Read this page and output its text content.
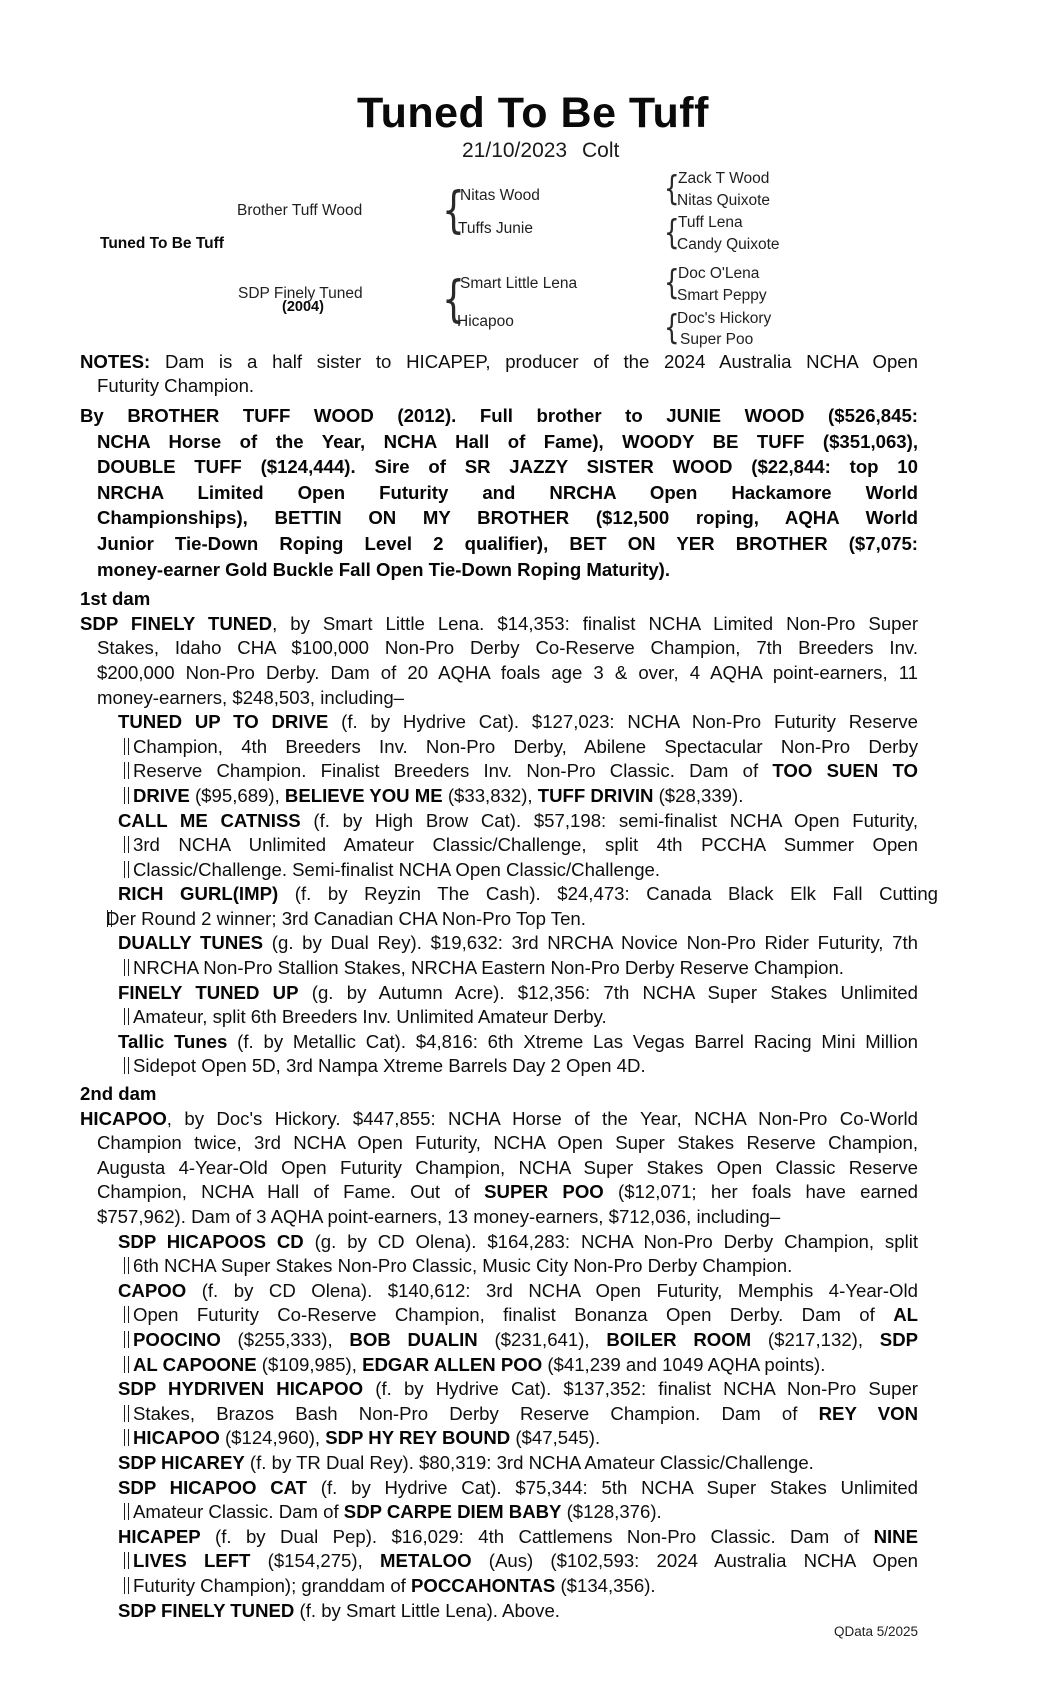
Tuned To Be Tuff
21/10/2023 Colt
Tuned To Be Tuff
Brother Tuff Wood
SDP Finely Tuned
(2004)
{
Nitas Wood
Tuffs Junie
{
Smart Little Lena
Hicapoo
{
Zack T Wood
Nitas Quixote
{
Tuff Lena
Candy Quixote
{
Doc O'Lena
Smart Peppy
{
Doc's Hickory
Super Poo
NOTES: Dam is a half sister to HICAPEP, producer of the 2024 Australia NCHA Open
Futurity Champion.
By BROTHER TUFF WOOD (2012). Full brother to JUNIE WOOD ($526,845:
NCHA Horse of the Year, NCHA Hall of Fame), WOODY BE TUFF ($351,063),
DOUBLE TUFF ($124,444). Sire of SR JAZZY SISTER WOOD ($22,844: top 10
NRCHA Limited Open Futurity and NRCHA Open Hackamore World
Championships), BETTIN ON MY BROTHER ($12,500 roping, AQHA World
Junior Tie-Down Roping Level 2 qualifier), BET ON YER BROTHER ($7,075:
money-earner Gold Buckle Fall Open Tie-Down Roping Maturity).
1st dam
SDP FINELY TUNED, by Smart Little Lena. $14,353: finalist NCHA Limited Non-Pro Super
Stakes, Idaho CHA $100,000 Non-Pro Derby Co-Reserve Champion, 7th Breeders Inv.
$200,000 Non-Pro Derby. Dam of 20 AQHA foals age 3 & over, 4 AQHA point-earners, 11
money-earners, $248,503, including–
TUNED UP TO DRIVE (f. by Hydrive Cat). $127,023: NCHA Non-Pro Futurity Reserve
Champion, 4th Breeders Inv. Non-Pro Derby, Abilene Spectacular Non-Pro Derby
Reserve Champion. Finalist Breeders Inv. Non-Pro Classic. Dam of TOO SUEN TO
DRIVE ($95,689), BELIEVE YOU ME ($33,832), TUFF DRIVIN ($28,339).
CALL ME CATNISS (f. by High Brow Cat). $57,198: semi-finalist NCHA Open Futurity,
3rd NCHA Unlimited Amateur Classic/Challenge, split 4th PCCHA Summer Open
Classic/Challenge. Semi-finalist NCHA Open Classic/Challenge.
RICH GURL(IMP) (f. by Reyzin The Cash). $24,473: Canada Black Elk Fall Cutting
Der Round 2 winner; 3rd Canadian CHA Non-Pro Top Ten.
DUALLY TUNES (g. by Dual Rey). $19,632: 3rd NRCHA Novice Non-Pro Rider Futurity, 7th
NRCHA Non-Pro Stallion Stakes, NRCHA Eastern Non-Pro Derby Reserve Champion.
FINELY TUNED UP (g. by Autumn Acre). $12,356: 7th NCHA Super Stakes Unlimited
Amateur, split 6th Breeders Inv. Unlimited Amateur Derby.
Tallic Tunes (f. by Metallic Cat). $4,816: 6th Xtreme Las Vegas Barrel Racing Mini Million
Sidepot Open 5D, 3rd Nampa Xtreme Barrels Day 2 Open 4D.
2nd dam
HICAPOO, by Doc's Hickory. $447,855: NCHA Horse of the Year, NCHA Non-Pro Co-World
Champion twice, 3rd NCHA Open Futurity, NCHA Open Super Stakes Reserve Champion,
Augusta 4-Year-Old Open Futurity Champion, NCHA Super Stakes Open Classic Reserve
Champion, NCHA Hall of Fame. Out of SUPER POO ($12,071; her foals have earned
$757,962). Dam of 3 AQHA point-earners, 13 money-earners, $712,036, including–
SDP HICAPOOS CD (g. by CD Olena). $164,283: NCHA Non-Pro Derby Champion, split
6th NCHA Super Stakes Non-Pro Classic, Music City Non-Pro Derby Champion.
CAPOO (f. by CD Olena). $140,612: 3rd NCHA Open Futurity, Memphis 4-Year-Old
Open Futurity Co-Reserve Champion, finalist Bonanza Open Derby. Dam of AL
POOCINO ($255,333), BOB DUALIN ($231,641), BOILER ROOM ($217,132), SDP
AL CAPOONE ($109,985), EDGAR ALLEN POO ($41,239 and 1049 AQHA points).
SDP HYDRIVEN HICAPOO (f. by Hydrive Cat). $137,352: finalist NCHA Non-Pro Super
Stakes, Brazos Bash Non-Pro Derby Reserve Champion. Dam of REY VON
HICAPOO ($124,960), SDP HY REY BOUND ($47,545).
SDP HICAREY (f. by TR Dual Rey). $80,319: 3rd NCHA Amateur Classic/Challenge.
SDP HICAPOO CAT (f. by Hydrive Cat). $75,344: 5th NCHA Super Stakes Unlimited
Amateur Classic. Dam of SDP CARPE DIEM BABY ($128,376).
HICAPEP (f. by Dual Pep). $16,029: 4th Cattlemens Non-Pro Classic. Dam of NINE
LIVES LEFT ($154,275), METALOO (Aus) ($102,593: 2024 Australia NCHA Open
Futurity Champion); granddam of POCCAHONTAS ($134,356).
SDP FINELY TUNED (f. by Smart Little Lena). Above.
QData 5/2025
